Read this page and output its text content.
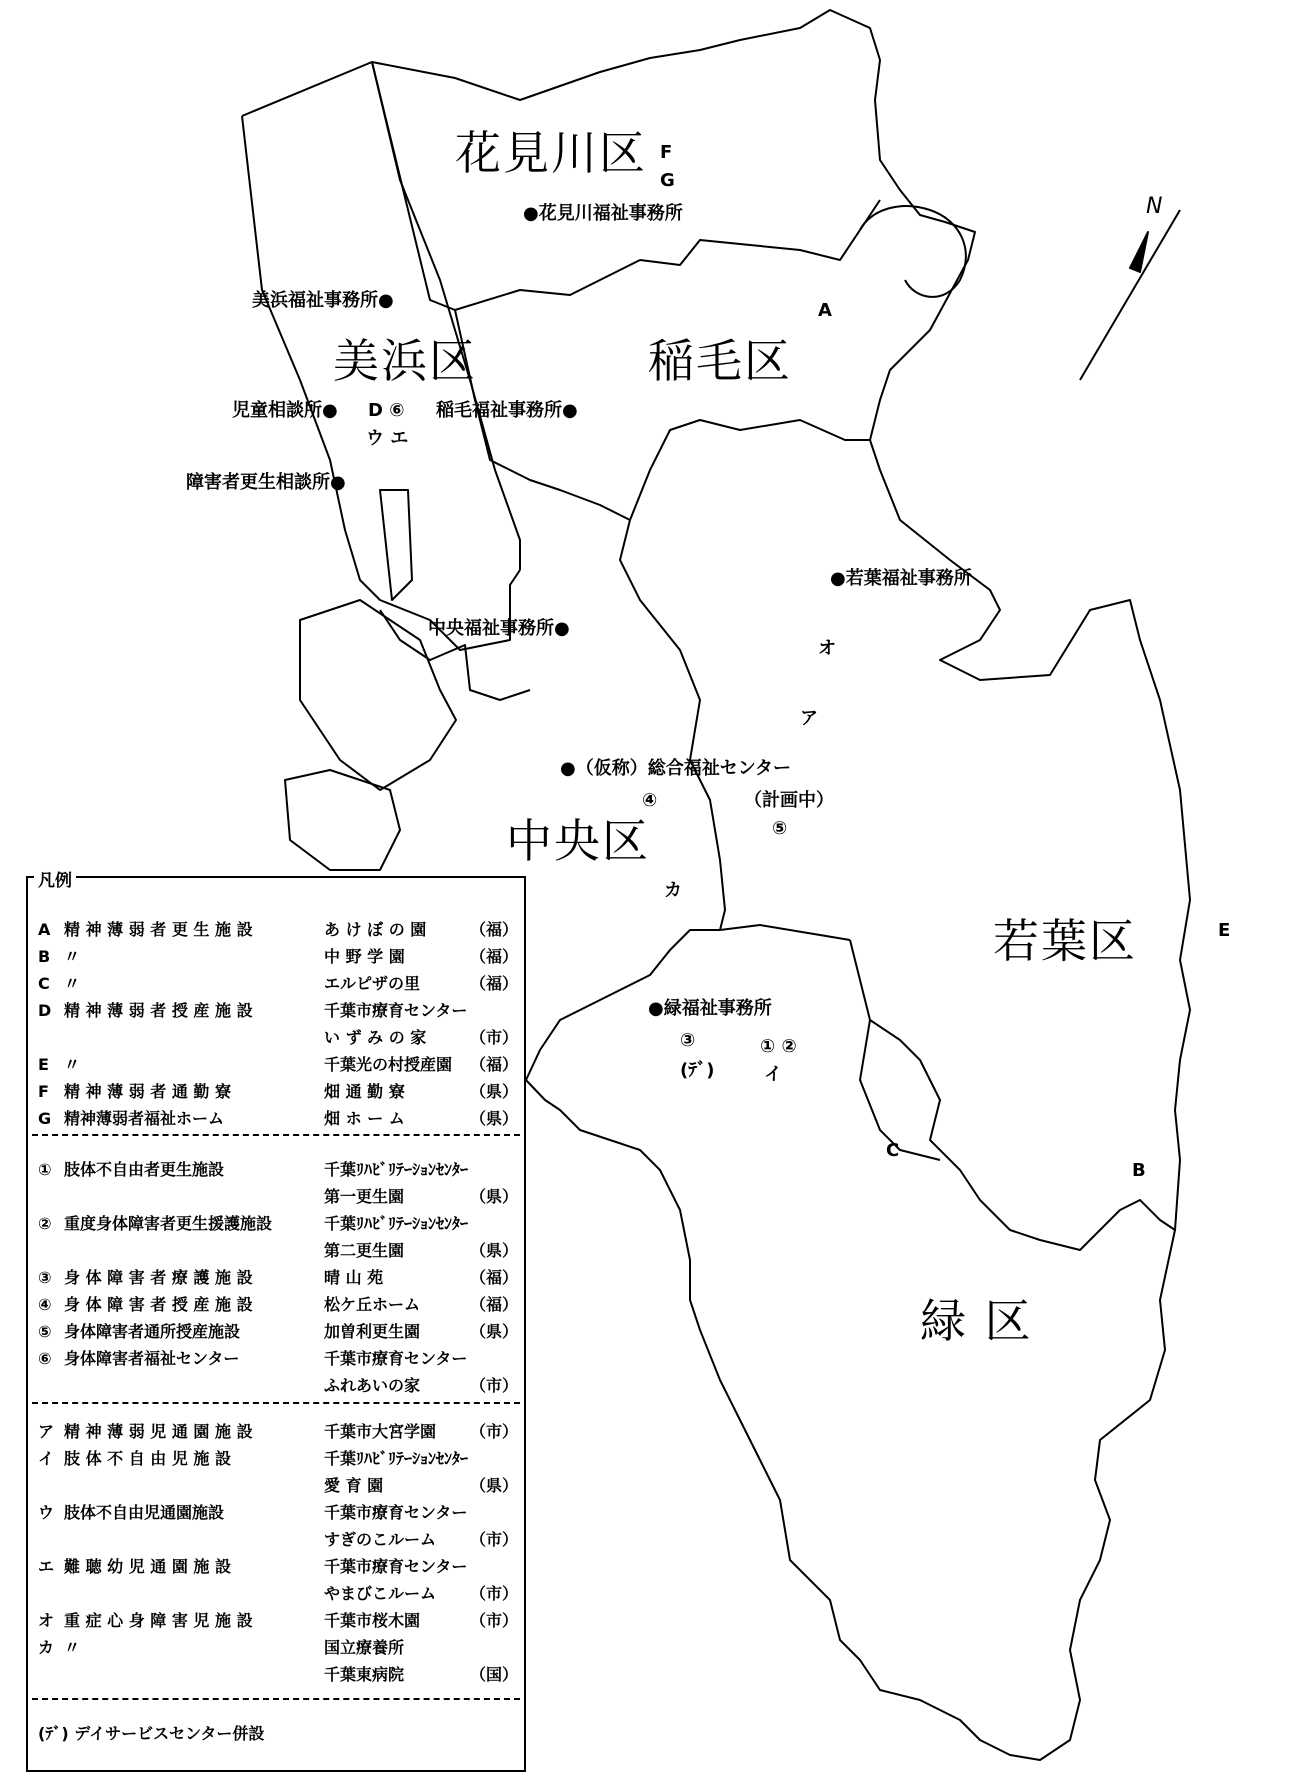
N
花見川区
美浜区	稲毛区
中央区
若葉区
緑 区
●花見川福祉事務所
美浜福祉事務所●
児童相談所●	稲毛福祉事務所●
障害者更生相談所●
●若葉福祉事務所
中央福祉事務所●
●（仮称）総合福祉センター
（計画中）
●緑福祉事務所
F
G
A
D ⑥
ウ エ
オ
ア
④
⑤
カ
E
③	① ②
(ﾃﾞ)	イ
C
B
凡例
A 精 神 薄 弱 者 更 生 施 設	あ け ぼ の 園	（福）
B 〃	中 野 学 園	（福）
C 〃	エルピザの里	（福）
D 精 神 薄 弱 者 授 産 施 設	千葉市療育センター
い ず み の 家	（市）
E 〃	千葉光の村授産園 （福）
F 精 神 薄 弱 者 通 勤 寮	畑 通 勤 寮	（県）
G 精神薄弱者福祉ホーム	畑 ホ ー ム	（県）
① 肢体不自由者更生施設	千葉ﾘﾊﾋﾞﾘﾃｰｼｮﾝｾﾝﾀｰ
第一更生園	（県）
② 重度身体障害者更生援護施設	千葉ﾘﾊﾋﾞﾘﾃｰｼｮﾝｾﾝﾀｰ
第二更生園	（県）
③ 身 体 障 害 者 療 護 施 設	晴 山 苑	（福）
④ 身 体 障 害 者 授 産 施 設	松ケ丘ホーム	（福）
⑤ 身体障害者通所授産施設	加曽利更生園	（県）
⑥ 身体障害者福祉センター	千葉市療育センター
ふれあいの家	（市）
ア 精 神 薄 弱 児 通 園 施 設	千葉市大宮学園 （市）
イ 肢 体 不 自 由 児 施 設	千葉ﾘﾊﾋﾞﾘﾃｰｼｮﾝｾﾝﾀｰ
愛 育 園	（県）
ウ 肢体不自由児通園施設	千葉市療育センター
すぎのこルーム （市）
エ 難 聴 幼 児 通 園 施 設	千葉市療育センター
やまびこルーム （市）
オ 重 症 心 身 障 害 児 施 設	千葉市桜木園	（市）
カ 〃	国立療養所
千葉東病院	（国）
(ﾃﾞ) デイサービスセンター併設
